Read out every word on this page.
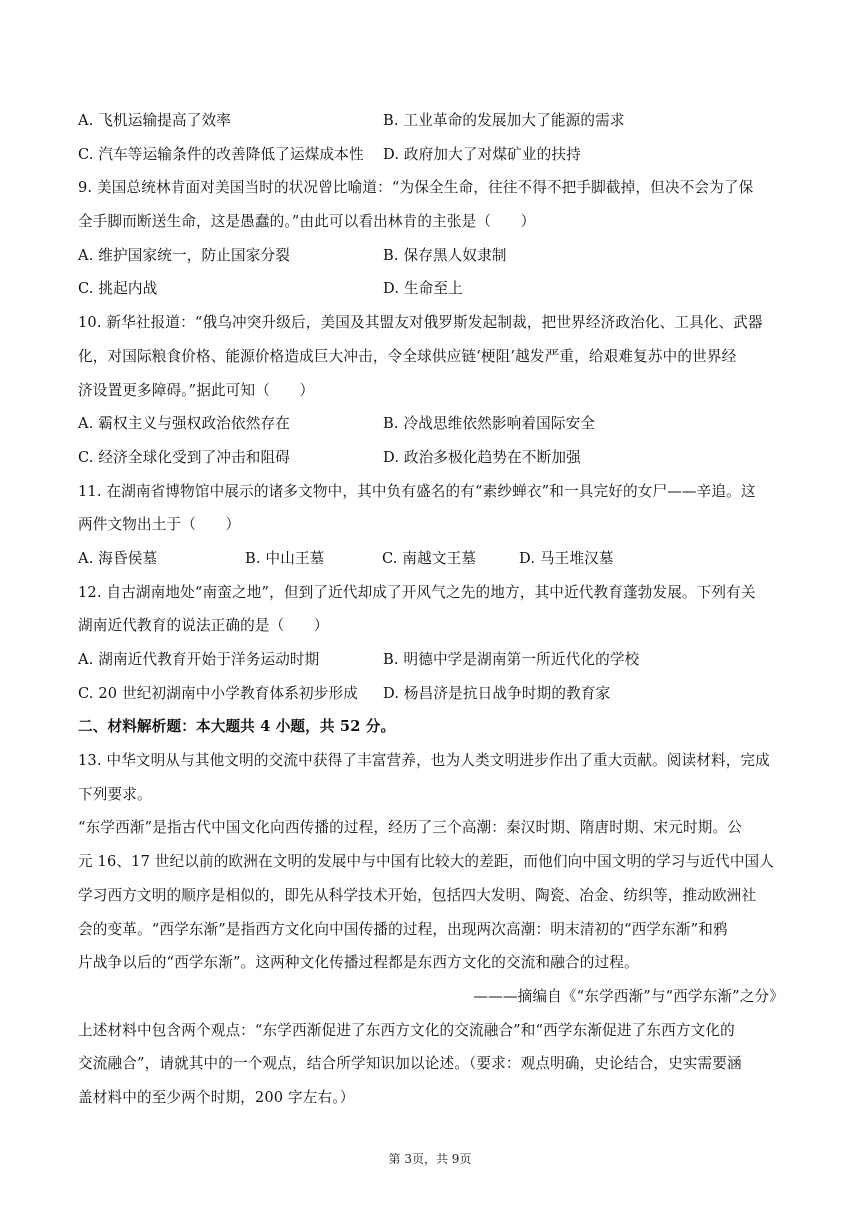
A. 飞机运输提高了效率	B. 工业革命的发展加大了能源的需求
C. 汽车等运输条件的改善降低了运煤成本性	D. 政府加大了对煤矿业的扶持
9. 美国总统林肯面对美国当时的状况曾比喻道：“为保全生命，往往不得不把手脚截掉，但决不会为了保
全手脚而断送生命，这是愚蠢的。”由此可以看出林肯的主张是（　　）
A. 维护国家统一，防止国家分裂	B. 保存黑人奴隶制
C. 挑起内战	D. 生命至上
10. 新华社报道：“俄乌冲突升级后，美国及其盟友对俄罗斯发起制裁，把世界经济政治化、工具化、武器
化，对国际粮食价格、能源价格造成巨大冲击，令全球供应链‘梗阻’越发严重，给艰难复苏中的世界经
济设置更多障碍。”据此可知（　　）
A. 霸权主义与强权政治依然存在	B. 冷战思维依然影响着国际安全
C. 经济全球化受到了冲击和阻碍	D. 政治多极化趋势在不断加强
11. 在湖南省博物馆中展示的诸多文物中，其中负有盛名的有“素纱蝉衣”和一具完好的女尸——辛追。这
两件文物出土于（　　）
A. 海昏侯墓	B. 中山王墓	C. 南越文王墓	D. 马王堆汉墓
12. 自古湖南地处“南蛮之地”，但到了近代却成了开风气之先的地方，其中近代教育蓬勃发展。下列有关
湖南近代教育的说法正确的是（　　）
A. 湖南近代教育开始于洋务运动时期	B. 明德中学是湖南第一所近代化的学校
C. 20 世纪初湖南中小学教育体系初步形成	D. 杨昌济是抗日战争时期的教育家
二、材料解析题：本大题共 4 小题，共 52 分。
13. 中华文明从与其他文明的交流中获得了丰富营养，也为人类文明进步作出了重大贡献。阅读材料，完成
下列要求。
“东学西渐”是指古代中国文化向西传播的过程，经历了三个高潮：秦汉时期、隋唐时期、宋元时期。公
元 16、17 世纪以前的欧洲在文明的发展中与中国有比较大的差距，而他们向中国文明的学习与近代中国人
学习西方文明的顺序是相似的，即先从科学技术开始，包括四大发明、陶瓷、冶金、纺织等，推动欧洲社
会的变革。“西学东渐”是指西方文化向中国传播的过程，出现两次高潮：明末清初的“西学东渐”和鸦
片战争以后的“西学东渐”。这两种文化传播过程都是东西方文化的交流和融合的过程。
———摘编自《“东学西渐”与“西学东渐”之分》
上述材料中包含两个观点：“东学西渐促进了东西方文化的交流融合”和“西学东渐促进了东西方文化的
交流融合”，请就其中的一个观点，结合所学知识加以论述。（要求：观点明确，史论结合，史实需要涵
盖材料中的至少两个时期，200 字左右。）
第 3页，共 9页
